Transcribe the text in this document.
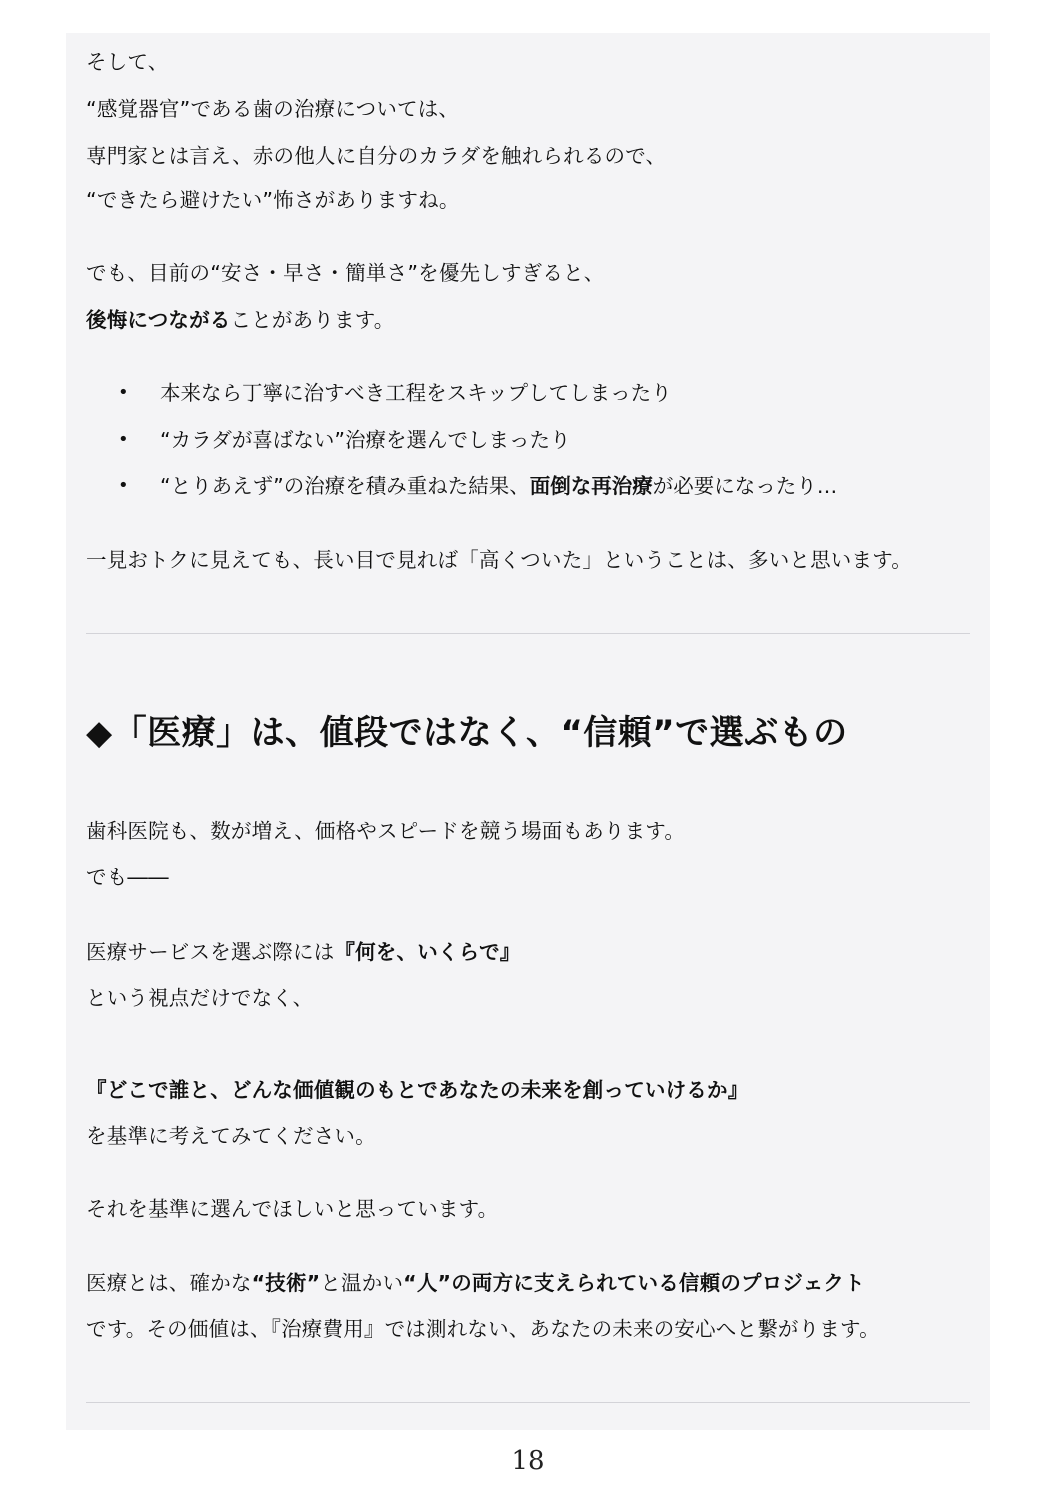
そして、

“感覚器官”である歯の治療については、

専門家とは言え、赤の他人に自分のカラダを触れられるので、

“できたら避けたい”怖さがありますね。

でも、目前の“安さ・早さ・簡単さ”を優先しすぎると、

後悔につながることがあります。

• 本来なら丁寧に治すべき工程をスキップしてしまったり
• “カラダが喜ばない”治療を選んでしまったり
• “とりあえず”の治療を積み重ねた結果、面倒な再治療が必要になったり…

一見おトクに見えても、長い目で見れば「高くついた」ということは、多いと思います。

◆「医療」は、値段ではなく、“信頼”で選ぶもの

歯科医院も、数が増え、価格やスピードを競う場面もあります。

でも――

医療サービスを選ぶ際には『何を、いくらで』

という視点だけでなく、

『どこで誰と、どんな価値観のもとであなたの未来を創っていけるか』

を基準に考えてみてください。

それを基準に選んでほしいと思っています。

医療とは、確かな“技術”と温かい“人”の両方に支えられている信頼のプロジェクト

です。その価値は、『治療費用』では測れない、あなたの未来の安心へと繋がります。

18
